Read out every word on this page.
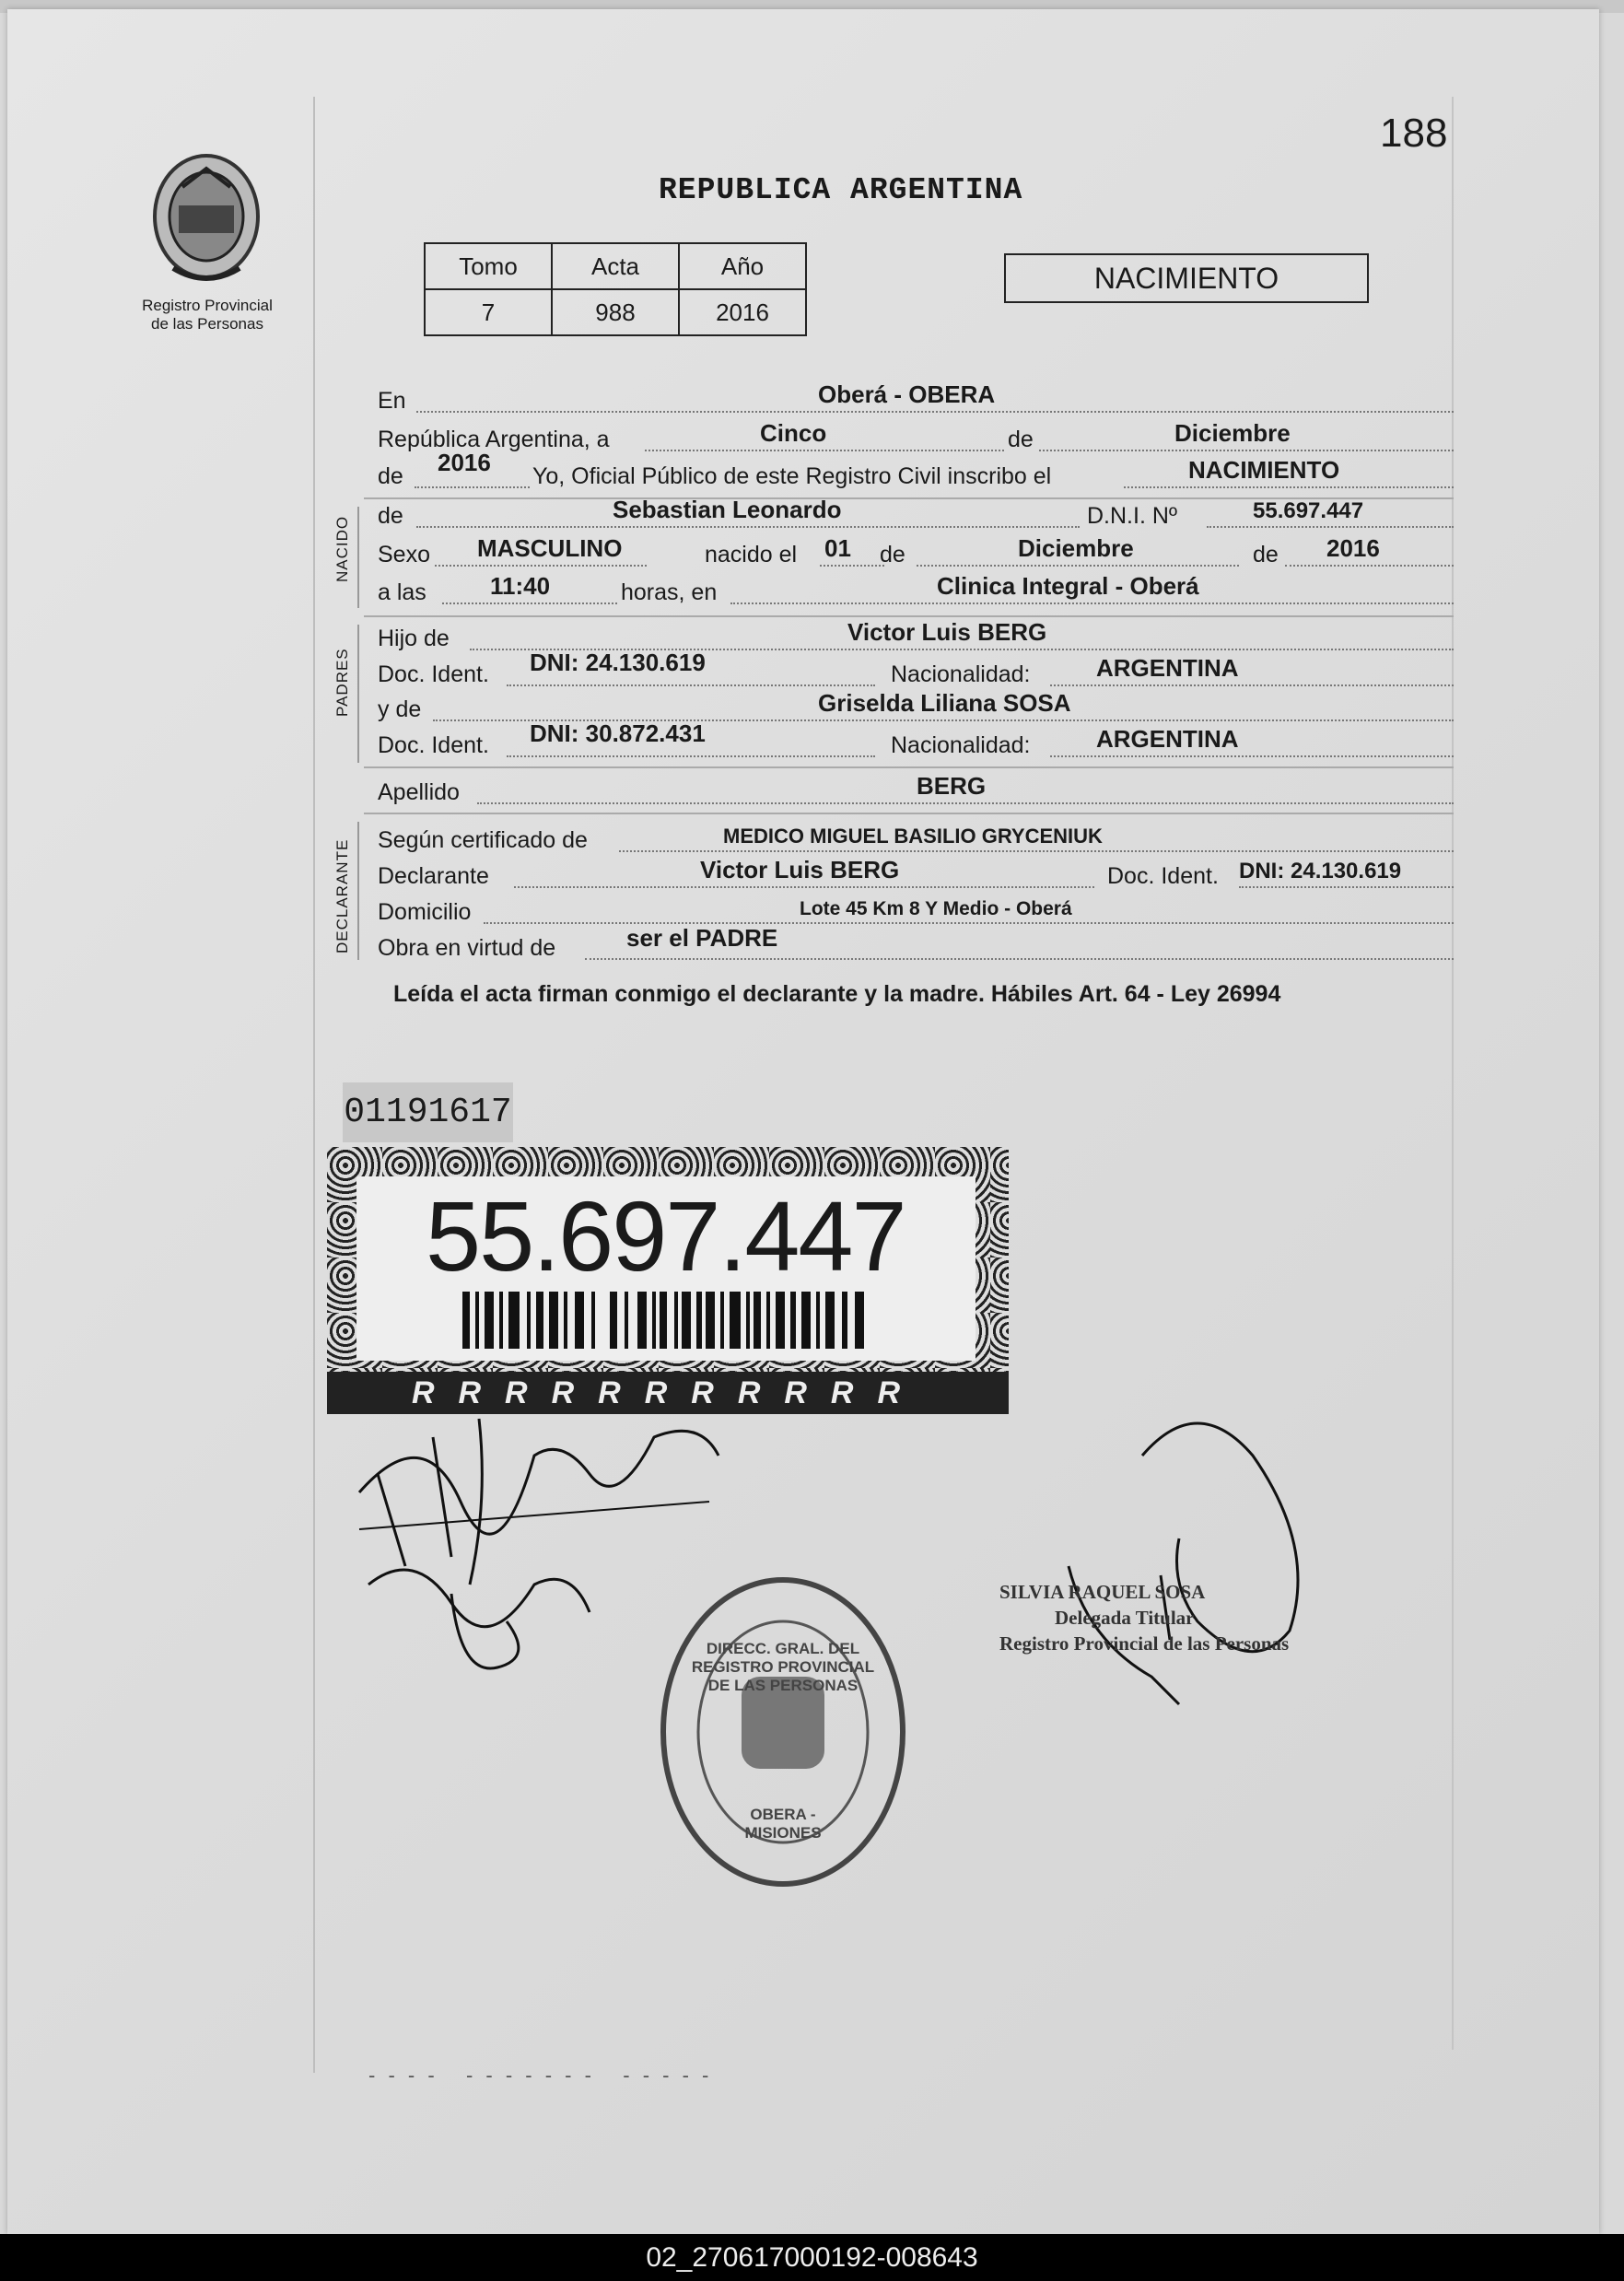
188
Registro Provincial
de las Personas
REPUBLICA ARGENTINA
Tomo	Acta	Año
7	988	2016
NACIMIENTO
En	Oberá - OBERA
República Argentina, a	Cinco	de	Diciembre
de 2016 Yo, Oficial Público de este Registro Civil inscribo el	NACIMIENTO
NACIDO de	Sebastian Leonardo	D.N.I. Nº	55.697.447
Sexo MASCULINO	nacido el 01 de	Diciembre	de 2016
a las	11:40	horas, en	Clinica Integral - Oberá
PADRES
Hijo de	Victor Luis BERG
Doc. Ident. DNI: 24.130.619	Nacionalidad:	ARGENTINA
y de	Griselda Liliana SOSA
Doc. Ident. DNI: 30.872.431	Nacionalidad:	ARGENTINA
Apellido	BERG
DECLARANTE Según certificado de	MEDICO MIGUEL BASILIO GRYCENIUK
Declarante	Victor Luis BERG	Doc. Ident. DNI: 24.130.619
Domicilio	Lote 45 Km 8 Y Medio - Oberá
Obra en virtud de	ser el PADRE
Leída el acta firman conmigo el declarante y la madre. Hábiles Art. 64 - Ley 26994
01191617
55.697.447
RRRRRRRRRRR
DIRECC. GRAL. DEL REGISTRO PROVINCIAL DE LAS PERSONAS
OBERA - MISIONES
SILVIA RAQUEL SOSA
Delegada Titular
Registro Provincial de las Personas
- - - -   - - - - - - -   - - - - -
02_270617000192-008643
